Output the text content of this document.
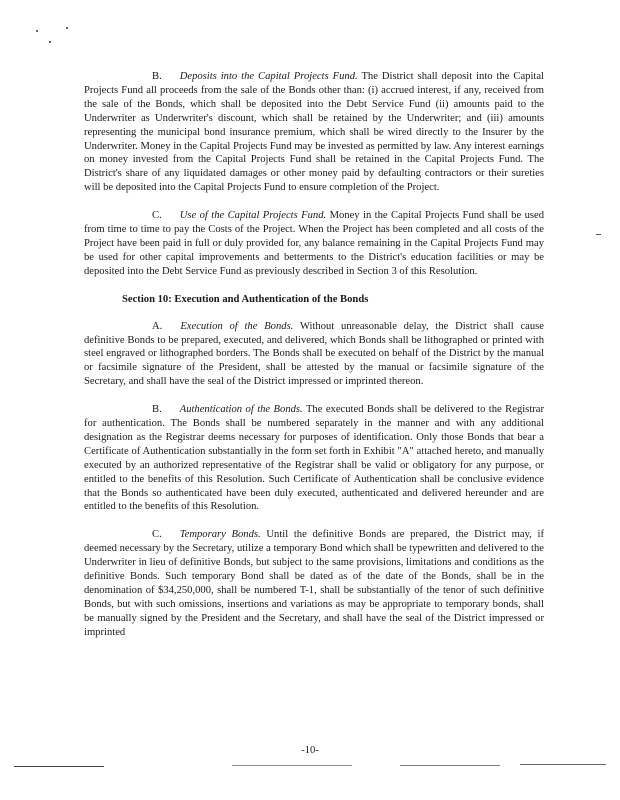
B. Deposits into the Capital Projects Fund. The District shall deposit into the Capital Projects Fund all proceeds from the sale of the Bonds other than: (i) accrued interest, if any, received from the sale of the Bonds, which shall be deposited into the Debt Service Fund (ii) amounts paid to the Underwriter as Underwriter's discount, which shall be retained by the Underwriter; and (iii) amounts representing the municipal bond insurance premium, which shall be wired directly to the Insurer by the Underwriter. Money in the Capital Projects Fund may be invested as permitted by law. Any interest earnings on money invested from the Capital Projects Fund shall be retained in the Capital Projects Fund. The District's share of any liquidated damages or other money paid by defaulting contractors or their sureties will be deposited into the Capital Projects Fund to ensure completion of the Project.

C. Use of the Capital Projects Fund. Money in the Capital Projects Fund shall be used from time to time to pay the Costs of the Project. When the Project has been completed and all costs of the Project have been paid in full or duly provided for, any balance remaining in the Capital Projects Fund may be used for other capital improvements and betterments to the District's education facilities or may be deposited into the Debt Service Fund as previously described in Section 3 of this Resolution.

Section 10: Execution and Authentication of the Bonds

A. Execution of the Bonds. Without unreasonable delay, the District shall cause definitive Bonds to be prepared, executed, and delivered, which Bonds shall be lithographed or printed with steel engraved or lithographed borders. The Bonds shall be executed on behalf of the District by the manual or facsimile signature of the President, shall be attested by the manual or facsimile signature of the Secretary, and shall have the seal of the District impressed or imprinted thereon.

B. Authentication of the Bonds. The executed Bonds shall be delivered to the Registrar for authentication. The Bonds shall be numbered separately in the manner and with any additional designation as the Registrar deems necessary for purposes of identification. Only those Bonds that bear a Certificate of Authentication substantially in the form set forth in Exhibit "A" attached hereto, and manually executed by an authorized representative of the Registrar shall be valid or obligatory for any purpose, or entitled to the benefits of this Resolution. Such Certificate of Authentication shall be conclusive evidence that the Bonds so authenticated have been duly executed, authenticated and delivered hereunder and are entitled to the benefits of this Resolution.

C. Temporary Bonds. Until the definitive Bonds are prepared, the District may, if deemed necessary by the Secretary, utilize a temporary Bond which shall be typewritten and delivered to the Underwriter in lieu of definitive Bonds, but subject to the same provisions, limitations and conditions as the definitive Bonds. Such temporary Bond shall be dated as of the date of the Bonds, shall be in the denomination of $34,250,000, shall be numbered T-1, shall be substantially of the tenor of such definitive Bonds, but with such omissions, insertions and variations as may be appropriate to temporary bonds, shall be manually signed by the President and the Secretary, and shall have the seal of the District impressed or imprinted

-10-
